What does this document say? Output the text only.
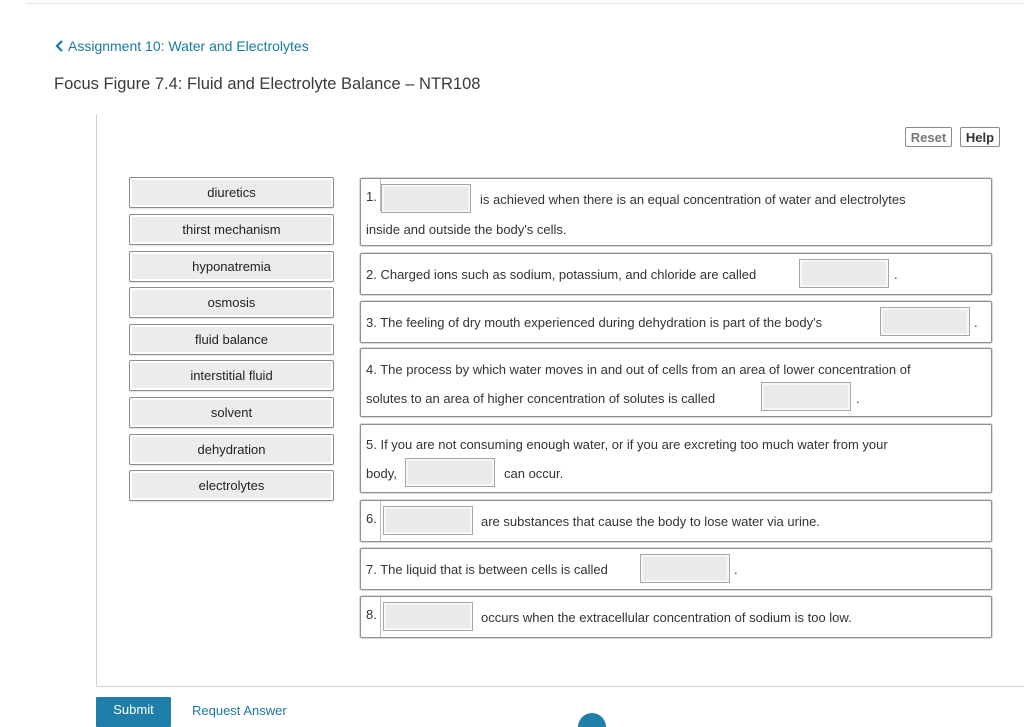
Assignment 10: Water and Electrolytes
Focus Figure 7.4: Fluid and Electrolyte Balance – NTR108
Reset	Help
diuretics
thirst mechanism
hyponatremia
osmosis
fluid balance
interstitial fluid
solvent
dehydration
electrolytes
1.	is achieved when there is an equal concentration of water and electrolytes
inside and outside the body's cells.
2. Charged ions such as sodium, potassium, and chloride are called	.
3. The feeling of dry mouth experienced during dehydration is part of the body's	.
4. The process by which water moves in and out of cells from an area of lower concentration of
solutes to an area of higher concentration of solutes is called	.
5. If you are not consuming enough water, or if you are excreting too much water from your
body,	can occur.
6.	are substances that cause the body to lose water via urine.
7. The liquid that is between cells is called	.
8.	occurs when the extracellular concentration of sodium is too low.
Submit	Request Answer
